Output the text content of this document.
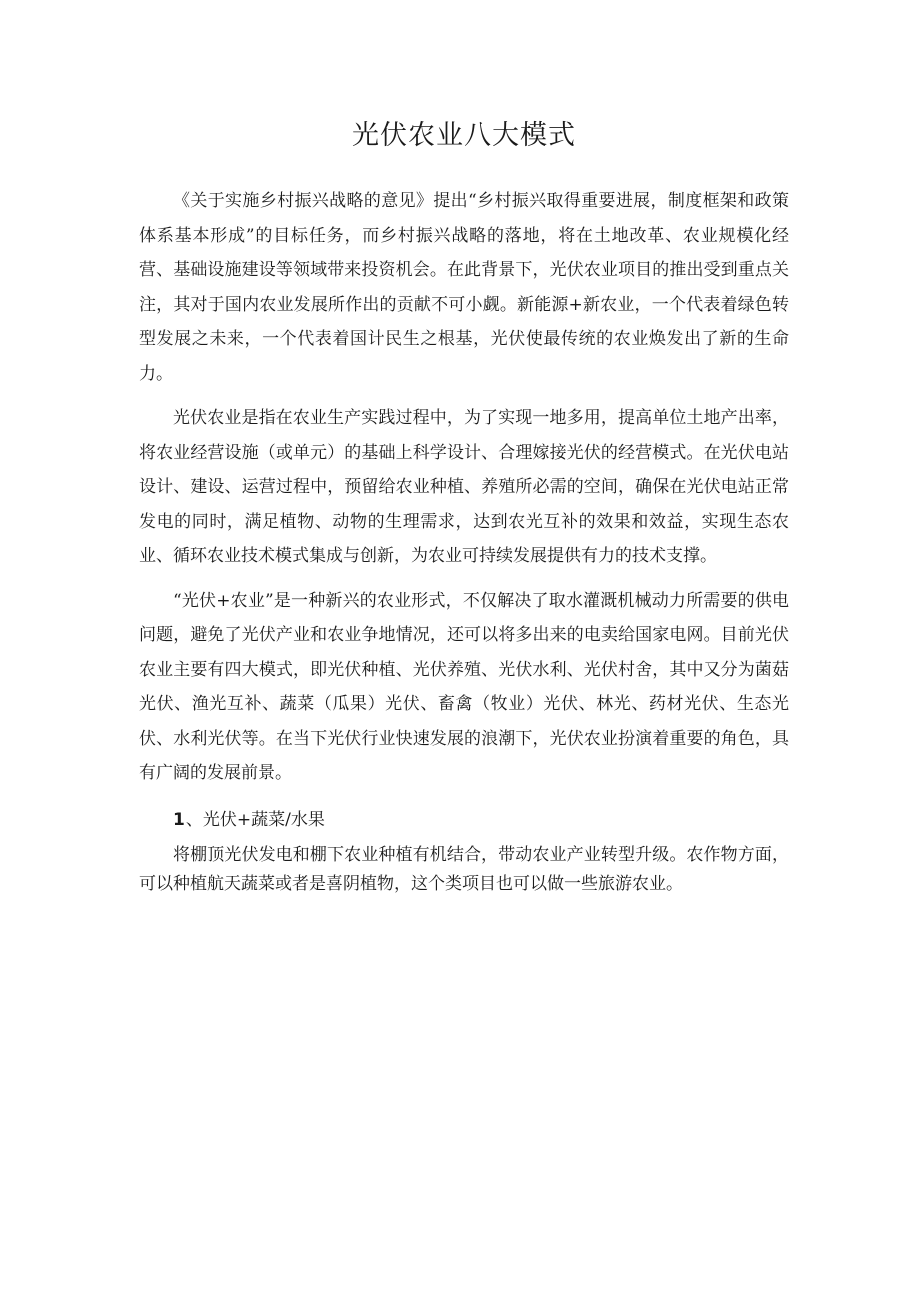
光伏农业八大模式

《关于实施乡村振兴战略的意见》提出“乡村振兴取得重要进展，制度框架和政策体系基本形成”的目标任务，而乡村振兴战略的落地，将在土地改革、农业规模化经营、基础设施建设等领域带来投资机会。在此背景下，光伏农业项目的推出受到重点关注，其对于国内农业发展所作出的贡献不可小觑。新能源+新农业，一个代表着绿色转型发展之未来，一个代表着国计民生之根基，光伏使最传统的农业焕发出了新的生命力。

光伏农业是指在农业生产实践过程中，为了实现一地多用，提高单位土地产出率，将农业经营设施（或单元）的基础上科学设计、合理嫁接光伏的经营模式。在光伏电站设计、建设、运营过程中，预留给农业种植、养殖所必需的空间，确保在光伏电站正常发电的同时，满足植物、动物的生理需求，达到农光互补的效果和效益，实现生态农业、循环农业技术模式集成与创新，为农业可持续发展提供有力的技术支撑。

“光伏+农业”是一种新兴的农业形式，不仅解决了取水灌溉机械动力所需要的供电问题，避免了光伏产业和农业争地情况，还可以将多出来的电卖给国家电网。目前光伏农业主要有四大模式，即光伏种植、光伏养殖、光伏水利、光伏村舍，其中又分为菌菇光伏、渔光互补、蔬菜（瓜果）光伏、畜禽（牧业）光伏、林光、药材光伏、生态光伏、水利光伏等。在当下光伏行业快速发展的浪潮下，光伏农业扮演着重要的角色，具有广阔的发展前景。

1、光伏+蔬菜/水果

将棚顶光伏发电和棚下农业种植有机结合，带动农业产业转型升级。农作物方面，可以种植航天蔬菜或者是喜阴植物，这个类项目也可以做一些旅游农业。
